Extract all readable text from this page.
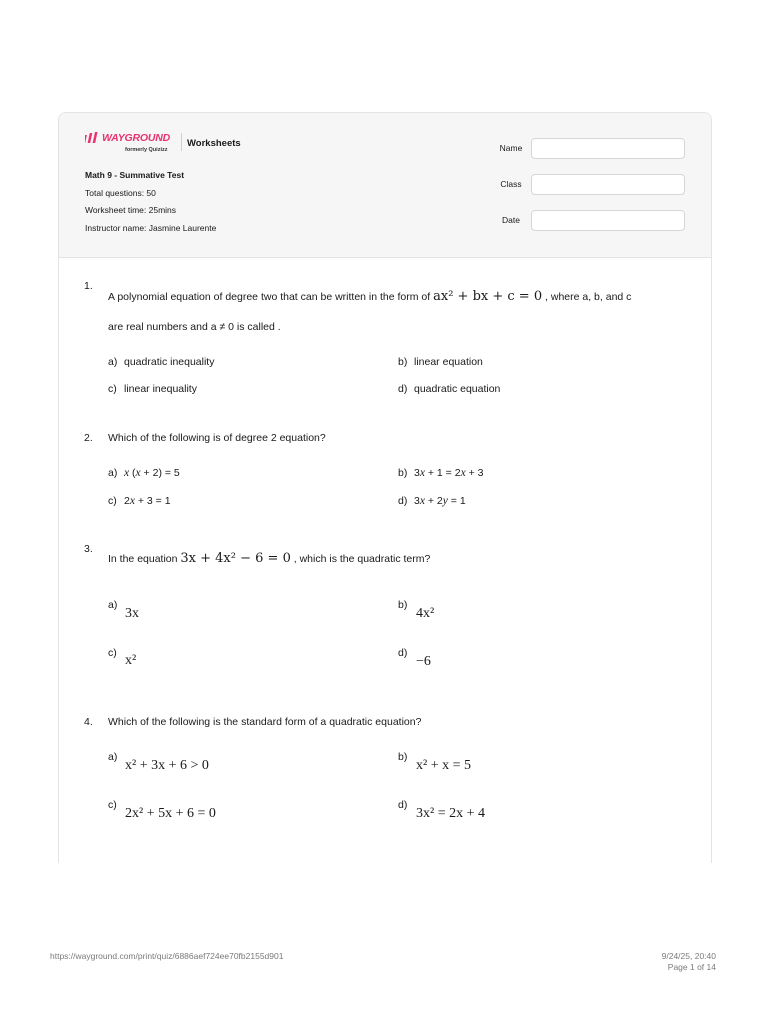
WAYGROUND
formerly Quizizz
Worksheets
Math 9 - Summative Test
Total questions: 50
Worksheet time: 25mins
Instructor name: Jasmine Laurente
Name
Class
Date
1.
A polynomial equation of degree two that can be written in the form of ax² + bx + c = 0 , where a, b, and c
are real numbers and a ≠ 0 is called .
a) quadratic inequality	b) linear equation
c) linear inequality	d) quadratic equation
2. Which of the following is of degree 2 equation?
a) x (x + 2) = 5	b) 3x + 1 = 2x + 3
c) 2x + 3 = 1	d) 3x + 2y = 1
3.
In the equation 3x + 4x² − 6 = 0 , which is the quadratic term?
a)
3x
b)
4x²
c) x²	d)
−6
4. Which of the following is the standard form of a quadratic equation?
a)
x² + 3x + 6 > 0
b)
x² + x = 5
c)
2x² + 5x + 6 = 0
d)
3x² = 2x + 4
https://wayground.com/print/quiz/6886aef724ee70fb2155d901	9/24/25, 20:40
Page 1 of 14
